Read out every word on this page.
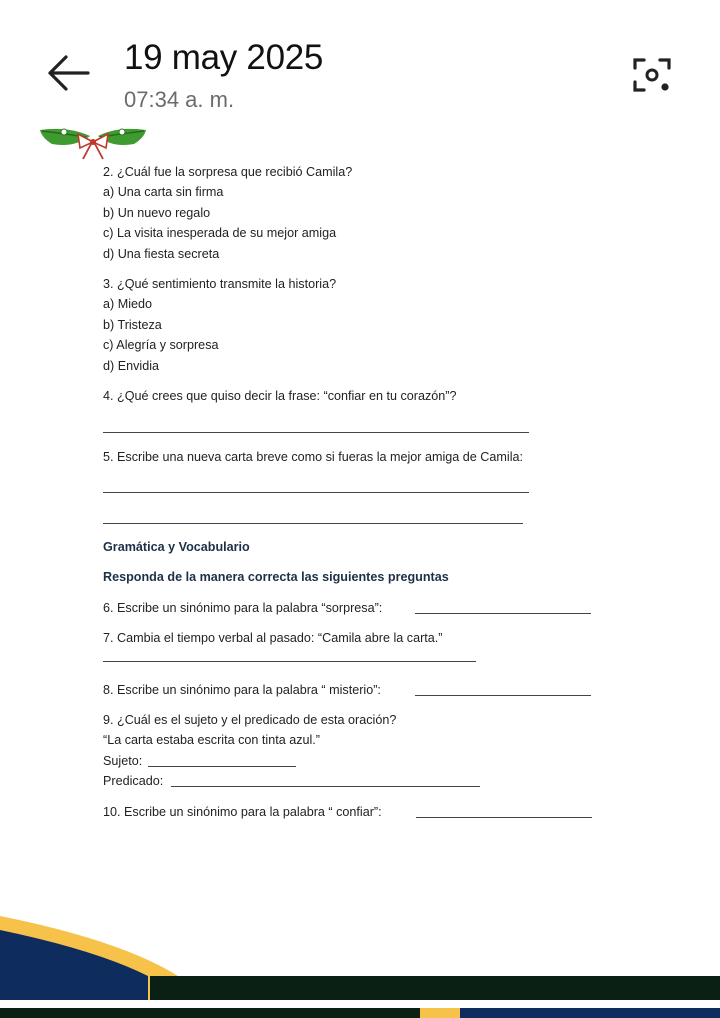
19 may 2025
07:34 a. m.
2. ¿Cuál fue la sorpresa que recibió Camila?
a) Una carta sin firma
b) Un nuevo regalo
c) La visita inesperada de su mejor amiga
d) Una fiesta secreta
3. ¿Qué sentimiento transmite la historia?
a) Miedo
b) Tristeza
c) Alegría y sorpresa
d) Envidia
4. ¿Qué crees que quiso decir la frase: “confiar en tu corazón”?
5. Escribe una nueva carta breve como si fueras la mejor amiga de Camila:
Gramática y Vocabulario
Responda de la manera correcta las siguientes preguntas
6. Escribe un sinónimo para la palabra “sorpresa”:
7. Cambia el tiempo verbal al pasado: “Camila abre la carta.”
8. Escribe un sinónimo para la palabra “ misterio”:
9. ¿Cuál es el sujeto y el predicado de esta oración?
“La carta estaba escrita con tinta azul.”
Sujeto:
Predicado:
10. Escribe un sinónimo para la palabra “ confiar”:
